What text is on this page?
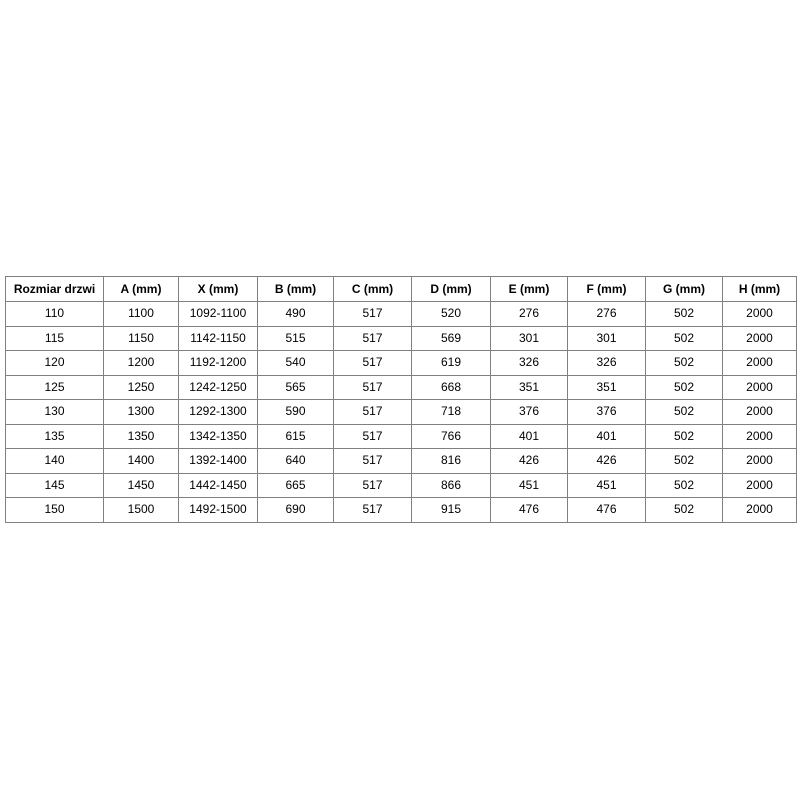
Rozmiar drzwi	A (mm)	X (mm)	B (mm)	C (mm)	D (mm)	E (mm)	F (mm)	G (mm)	H (mm)
110	1100	1092-1100	490	517	520	276	276	502	2000
115	1150	1142-1150	515	517	569	301	301	502	2000
120	1200	1192-1200	540	517	619	326	326	502	2000
125	1250	1242-1250	565	517	668	351	351	502	2000
130	1300	1292-1300	590	517	718	376	376	502	2000
135	1350	1342-1350	615	517	766	401	401	502	2000
140	1400	1392-1400	640	517	816	426	426	502	2000
145	1450	1442-1450	665	517	866	451	451	502	2000
150	1500	1492-1500	690	517	915	476	476	502	2000
